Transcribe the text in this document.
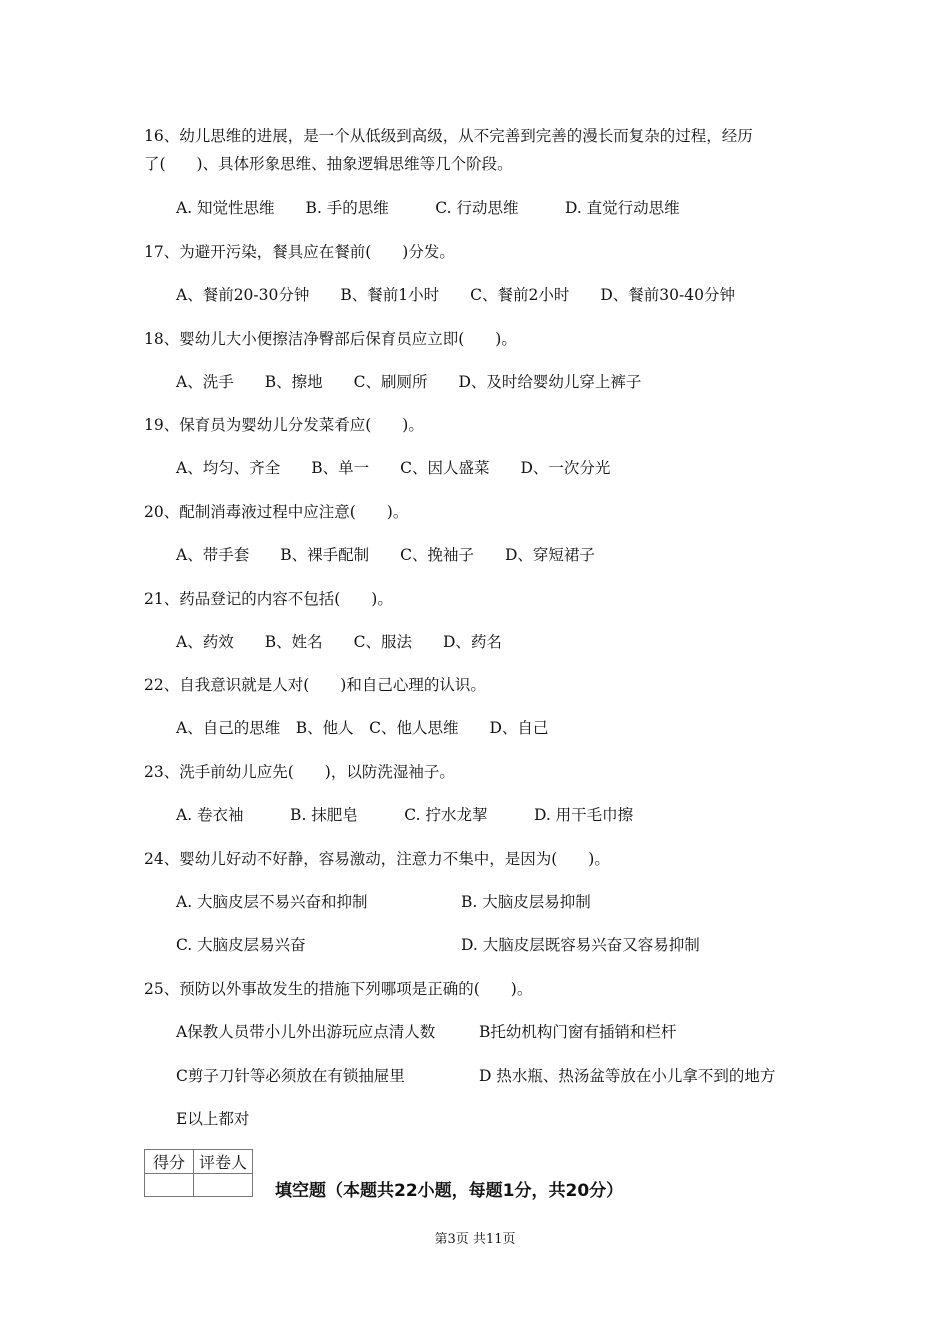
16、幼儿思维的进展，是一个从低级到高级，从不完善到完善的漫长而复杂的过程，经历
了(　　)、具体形象思维、抽象逻辑思维等几个阶段。
A. 知觉性思维　　B. 手的思维　　　C. 行动思维　　　D. 直觉行动思维
17、为避开污染，餐具应在餐前(　　)分发。
A、餐前20-30分钟　　B、餐前1小时　　C、餐前2小时　　D、餐前30-40分钟
18、婴幼儿大小便擦洁净臀部后保育员应立即(　　)。
A、洗手　　B、擦地　　C、刷厕所　　D、及时给婴幼儿穿上裤子
19、保育员为婴幼儿分发菜肴应(　　)。
A、均匀、齐全　　B、单一　　C、因人盛菜　　D、一次分光
20、配制消毒液过程中应注意(　　)。
A、带手套　　B、裸手配制　　C、挽袖子　　D、穿短裙子
21、药品登记的内容不包括(　　)。
A、药效　　B、姓名　　C、服法　　D、药名
22、自我意识就是人对(　　)和自己心理的认识。
A、自己的思维　B、他人　C、他人思维　　D、自己
23、洗手前幼儿应先(　　)，以防洗湿袖子。
A. 卷衣袖　　　B. 抹肥皂　　　C. 拧水龙挈　　　D. 用干毛巾擦
24、婴幼儿好动不好静，容易激动，注意力不集中，是因为(　　)。
A. 大脑皮层不易兴奋和抑制	B. 大脑皮层易抑制
C. 大脑皮层易兴奋	D. 大脑皮层既容易兴奋又容易抑制
25、预防以外事故发生的措施下列哪项是正确的(　　)。
A保教人员带小儿外出游玩应点清人数	B托幼机构门窗有插销和栏杆
C剪子刀针等必须放在有锁抽屉里	D 热水瓶、热汤盆等放在小儿拿不到的地方
E以上都对
得分	评卷人

填空题（本题共22小题，每题1分，共20分）
第3页 共11页
